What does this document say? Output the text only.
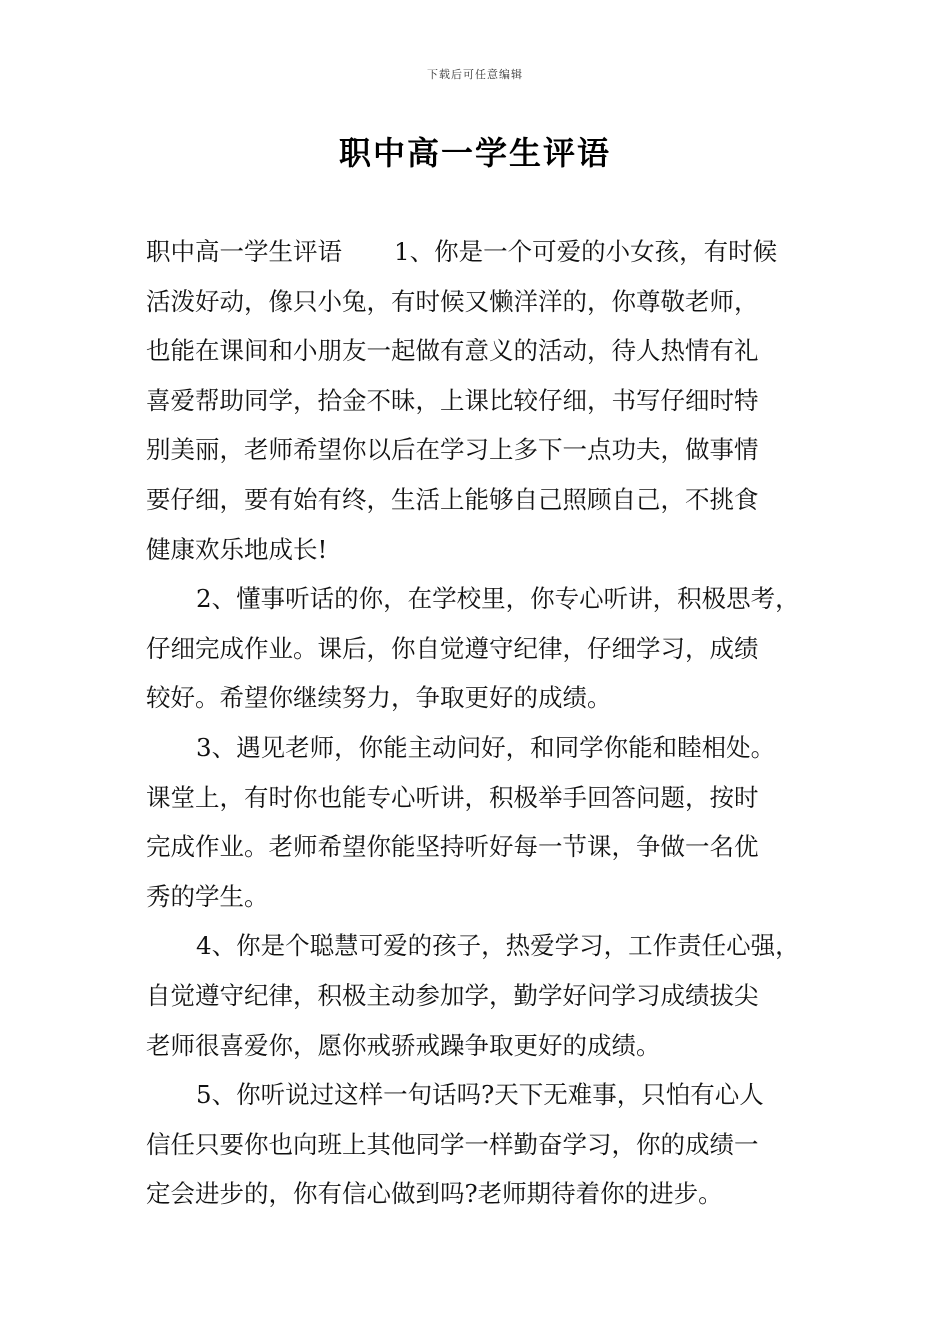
下载后可任意编辑
职中高一学生评语
职中高一学生评语 1、你是一个可爱的小女孩，有时候
活泼好动，像只小兔，有时候又懒洋洋的，你尊敬老师，
也能在课间和小朋友一起做有意义的活动，待人热情有礼
喜爱帮助同学，拾金不昧，上课比较仔细，书写仔细时特
别美丽，老师希望你以后在学习上多下一点功夫，做事情
要仔细，要有始有终，生活上能够自己照顾自己，不挑食
健康欢乐地成长!
2、懂事听话的你，在学校里，你专心听讲，积极思考，
仔细完成作业。课后，你自觉遵守纪律，仔细学习，成绩
较好。希望你继续努力，争取更好的成绩。
3、遇见老师，你能主动问好，和同学你能和睦相处。
课堂上，有时你也能专心听讲，积极举手回答问题，按时
完成作业。老师希望你能坚持听好每一节课，争做一名优
秀的学生。
4、你是个聪慧可爱的孩子，热爱学习，工作责任心强，
自觉遵守纪律，积极主动参加学，勤学好问学习成绩拔尖
老师很喜爱你，愿你戒骄戒躁争取更好的成绩。
5、你听说过这样一句话吗?天下无难事，只怕有心人
信任只要你也向班上其他同学一样勤奋学习，你的成绩一
定会进步的，你有信心做到吗?老师期待着你的进步。
